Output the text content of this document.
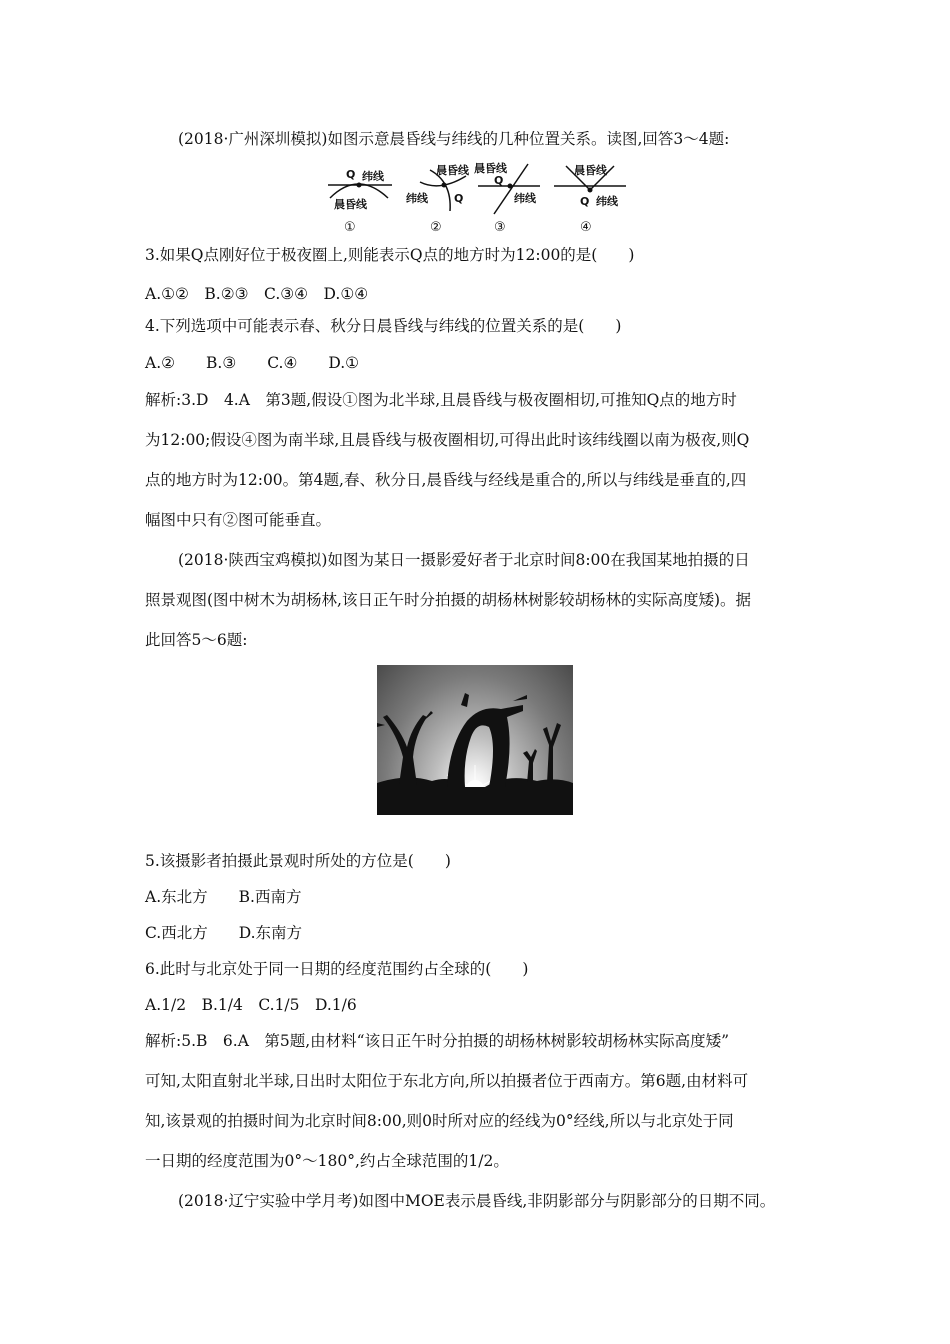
(2018·广州深圳模拟)如图示意晨昏线与纬线的几种位置关系。读图,回答3～4题:
Q 纬线
晨昏线
①
晨昏线
纬线 Q
②
晨昏线
Q
纬线
③
晨昏线
Q 纬线
④
3.如果Q点刚好位于极夜圈上,则能表示Q点的地方时为12:00的是(　　)
A.①②　B.②③　C.③④　D.①④
4.下列选项中可能表示春、秋分日晨昏线与纬线的位置关系的是(　　)
A.②　　B.③　　C.④　　D.①
解析:3.D　4.A　第3题,假设①图为北半球,且晨昏线与极夜圈相切,可推知Q点的地方时
为12:00;假设④图为南半球,且晨昏线与极夜圈相切,可得出此时该纬线圈以南为极夜,则Q
点的地方时为12:00。第4题,春、秋分日,晨昏线与经线是重合的,所以与纬线是垂直的,四
幅图中只有②图可能垂直。
(2018·陕西宝鸡模拟)如图为某日一摄影爱好者于北京时间8:00在我国某地拍摄的日
照景观图(图中树木为胡杨林,该日正午时分拍摄的胡杨林树影较胡杨林的实际高度矮)。据
此回答5～6题:
5.该摄影者拍摄此景观时所处的方位是(　　)
A.东北方　　B.西南方
C.西北方　　D.东南方
6.此时与北京处于同一日期的经度范围约占全球的(　　)
A.1/2　B.1/4　C.1/5　D.1/6
解析:5.B　6.A　第5题,由材料“该日正午时分拍摄的胡杨林树影较胡杨林实际高度矮”
可知,太阳直射北半球,日出时太阳位于东北方向,所以拍摄者位于西南方。第6题,由材料可
知,该景观的拍摄时间为北京时间8:00,则0时所对应的经线为0°经线,所以与北京处于同
一日期的经度范围为0°～180°,约占全球范围的1/2。
(2018·辽宁实验中学月考)如图中MOE表示晨昏线,非阴影部分与阴影部分的日期不同。
